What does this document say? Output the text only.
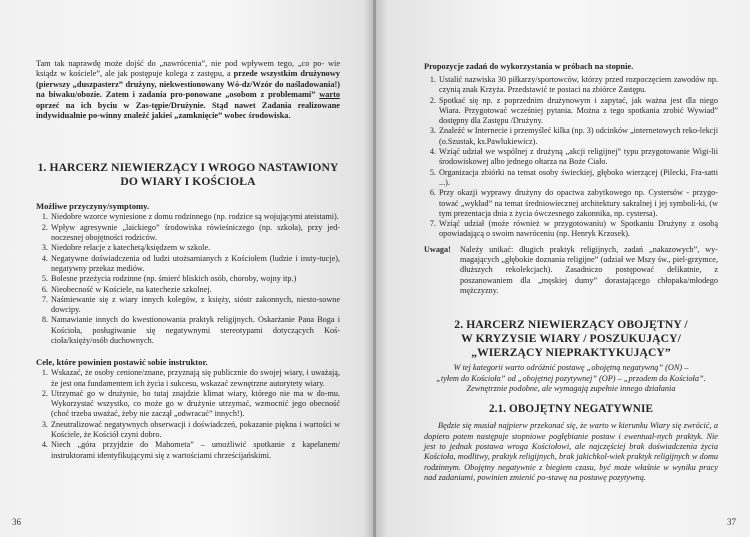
Tam tak naprawdę może dojść do „nawrócenia”, nie pod wpływem tego, „co po- wie ksiądz w kościele”, ale jak postępuje kolega z zastępu, a przede wszystkim drużynowy (pierwszy „duszpasterz” drużyny, niekwestionowany Wó-dz/Wzór do naśladowania!) na biwaku/obozie. Zatem i zadania pro-ponowane „osobom z problemami” warto oprzeć na ich byciu w Zas-tępie/Drużynie. Stąd nawet Zadania realizowane indywidualnie po-winny znaleźć jakieś „zamknięcie” wobec środowiska.

1. HARCERZ NIEWIERZĄCY I WROGO NASTAWIONY
DO WIARY I KOŚCIOŁA

Możliwe przyczyny/symptomy.

1. Niedobre wzorce wyniesione z domu rodzinnego (np. rodzice są wojującymi ateistami).
2. Wpływ agresywnie „laickiego” środowiska rówieśniczego (np. szkoła), przy jed-noczesnej obojętności rodziców.
3. Niedobre relacje z katechetą/księdzem w szkole.
4. Negatywne doświadczenia od ludzi utożsamianych z Kościołem (ludzie i insty-tucje), negatywny przekaz mediów.
5. Bolesne przeżycia rodzinne (np. śmierć bliskich osób, choroby, wojny itp.)
6. Nieobecność w Kościele, na katechezie szkolnej.
7. Naśmiewanie się z wiary innych kolegów, z księży, sióstr zakonnych, niesto-sowne dowcipy.
8. Namawianie innych do kwestionowania praktyk religijnych. Oskarżanie Pana Boga i Kościoła, posługiwanie się negatywnymi stereotypami dotyczących Koś-cioła/księży/osób duchownych.

Cele, które powinien postawić sobie instruktor.

1. Wskazać, że osoby cenione/znane, przyznają się publicznie do swojej wiary, i uważają, że jest ona fundamentem ich życia i sukcesu, wskazać zewnętrzne autorytety wiary.
2. Utrzymać go w drużynie, bo tutaj znajdzie klimat wiary, którego nie ma w do-mu. Wykorzystać wszystko, co może go w drużynie utrzymać, wzmocnić jego obecność (choć trzeba uważać, żeby nie zaczął „odwracać” innych!).
3. Zneutralizować negatywnych obserwacji i doświadczeń, pokazanie piękna i wartości w Kościele, że Kościół czyni dobro.
4. Niech „góra przyjdzie do Mahometa” – umożliwić spotkanie z kapelanem/ instruktorami identyfikującymi się z wartościami chrześcijańskimi.
36

Propozycje zadań do wykorzystania w próbach na stopnie.

1. Ustalić nazwiska 30 piłkarzy/sportowców, którzy przed rozpoczęciem zawodów np. czynią znak Krzyża. Przedstawić te postaci na zbiórce Zastępu.
2. Spotkać się np. z poprzednim drużynowym i zapytać, jak ważna jest dla niego Wiara. Przygotować wcześniej pytania. Można z tego spotkania zrobić Wywiad” dostępny dla Zastępu /Drużyny.
3. Znaleźć w Internecie i przemyśleć kilka (np. 3) odcinków „internetowych reko-lekcji (o.Szustak, ks.Pawlukiewicz).
4. Wziąć udział we wspólnej z drużyną „akcji religijnej” typu przygotowanie Wigi-lii środowiskowej albo jednego ołtarza na Boże Ciało.
5. Organizacja zbiórki na temat osoby świeckiej, głęboko wierzącej (Pilecki, Fra-satti ...).
6. Przy okazji wyprawy drużyny do opactwa zabytkowego np. Cystersów - przygo-tować „wykład” na temat średniowiecznej architektury sakralnej i jej symboli-ki, (w tym prezentacja dnia z życia ówczesnego zakonnika, np. cystersa).
7. Wziąć udział (może również w przygotowaniu) w Spotkaniu Drużyny z osobą opowiadającą o swoim nawróceniu (np. Henryk Krzosek).
Uwaga! Należy unikać: długich praktyk religijnych, zadań „nakazowych”, wy-magających „głębokie doznania religijne” (udział we Mszy św., piel-grzymce, dłuższych rekolekcjach). Zasadniczo postępować delikatnie, z poszanowaniem dla „męskiej dumy” dorastającego chłopaka/młodego mężczyzny.
2. HARCERZ NIEWIERZĄCY OBOJĘTNY /
W KRYZYSIE WIARY / POSZUKUJĄCY/
„WIERZĄCY NIEPRAKTYKUJĄCY”

W tej kategorii warto odróżnić postawę „obojętną negatywną” (ON) –
„tyłem do Kościoła” od „obojętnej pozytywnej” (OP) – „przodem do Kościoła”.
Zewnętrznie podobne, ale wymagają zupełnie innego działania

2.1. OBOJĘTNY NEGATYWNIE

Będzie się musiał najpierw przekonać się, że warto w kierunku Wiary się zwrócić, a dopiero potem następuje stopniowe pogłębianie postaw i ewentual-nych praktyk. Nie jest to jednak postawa wroga Kościołowi, ale najczęściej brak doświadczenia życia Kościoła, modlitwy, praktyk religijnych, brak jakichkol-wiek praktyk religijnych w domu rodzinnym. Obojętny negatywnie z biegiem czasu, być może właśnie w wyniku pracy nad zadaniami, powinien zmienić po-stawę na postawę pozytywną.

37
